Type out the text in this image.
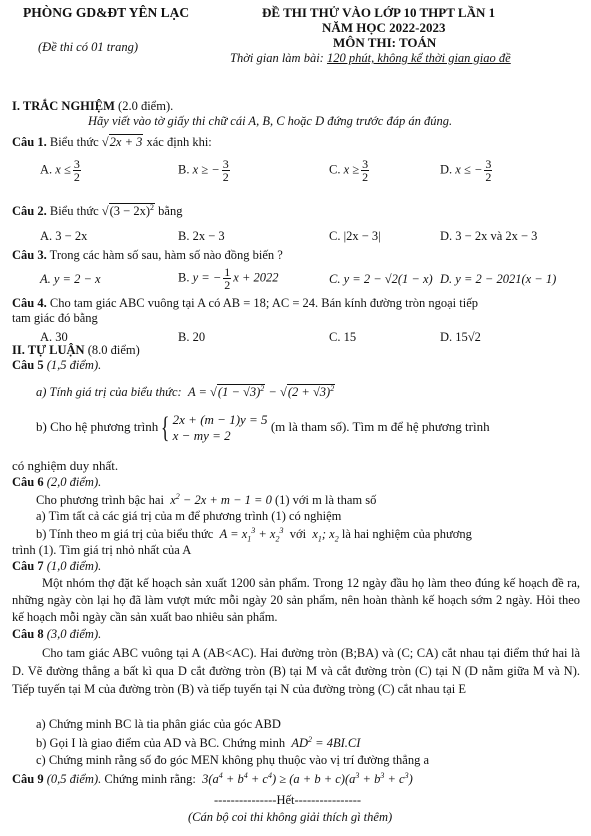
PHÒNG GD&ĐT YÊN LẠC
(Đề thi có 01 trang)
ĐỀ THI THỬ VÀO LỚP 10 THPT LẦN 1
NĂM HỌC 2022-2023
MÔN THI: TOÁN
Thời gian làm bài: 120 phút, không kể thời gian giao đề
I. TRẮC NGHIỆM (2.0 điểm).
Hãy viết vào tờ giấy thi chữ cái A, B, C hoặc D đứng trước đáp án đúng.
Câu 1. Biểu thức √2x + 3 xác định khi:
A. $x \le \frac{3}{2}$	B. x ≥ − $\frac{3}{2}$	C. $x \ge \frac{3}{2}$	D. x ≤ − $\frac{3}{2}$
Câu 2. Biểu thức $√(3 - 2x)^2$ bằng
A. 3 − 2x	B. 2x − 3	C. |2x − 3|	D. 3 − 2x và 2x − 3
Câu 3. Trong các hàm số sau, hàm số nào đồng biến ?
A. y = 2 − x	B. y = − $\frac{1}{2}$ x + 2022	C. y = 2 − √2(1 − x) D. y = 2 − 2021(x − 1)
Câu 4. Cho tam giác ABC vuông tại A có AB = 18; AC = 24. Bán kính đường tròn ngoại tiếp
tam giác đó bằng
A. 30	B. 20	C. 15	D. 15√2
II. TỰ LUẬN (8.0 điểm)
Câu 5 (1,5 điểm).
a) Tính giá trị của biểu thức:  $A = √(1 - √3)^2 - √(2 + √3)^2$
b) Cho hệ phương trình{ 2x + (m − 1)y = 5
x − my = 2 (m là tham số). Tìm m để hệ phương trình
có nghiệm duy nhất.
Câu 6 (2,0 điểm).
Cho phương trình bậc hai  $x^2 - 2x + m - 1 = 0$ (1) với m là tham số
a) Tìm tất cả các giá trị của m để phương trình (1) có nghiệm
b) Tính theo m giá trị của biểu thức  $A = x_1^3 + x_2^3$  với  $x_1$; $x_2$ là hai nghiệm của phương
trình (1). Tìm giá trị nhỏ nhất của A
Câu 7 (1,0 điểm).
Một nhóm thợ đặt kế hoạch sản xuất 1200 sản phẩm. Trong 12 ngày đầu họ làm theo đúng kế hoạch đề ra, những ngày còn lại họ đã làm vượt mức mỗi ngày 20 sản phẩm, nên hoàn thành kế hoạch sớm 2 ngày. Hỏi theo kế hoạch mỗi ngày cần sản xuất bao nhiêu sản phẩm.
Câu 8 (3,0 điểm).
Cho tam giác ABC vuông tại A (AB<AC). Hai đường tròn (B;BA) và (C; CA) cắt nhau tại điểm thứ hai là D. Vẽ đường thẳng a bất kì qua D cắt đường tròn (B) tại M và cắt đường tròn (C) tại N (D nằm giữa M và N). Tiếp tuyến tại M của đường tròn (B) và tiếp tuyến tại N của đường tròng (C) cắt nhau tại E
a) Chứng minh BC là tia phân giác của góc ABD
b) Gọi I là giao điểm của AD và BC. Chứng minh  $AD^2 = 4BI.CI$
c) Chứng minh rằng số đo góc MEN không phụ thuộc vào vị trí đường thẳng a
Câu 9 (0,5 điểm). Chứng minh rằng:  $3(a^4 + b^4 + c^4) \ge (a + b + c)(a^3 + b^3 + c^3)$
---------------Hết----------------
(Cán bộ coi thi không giải thích gì thêm)
